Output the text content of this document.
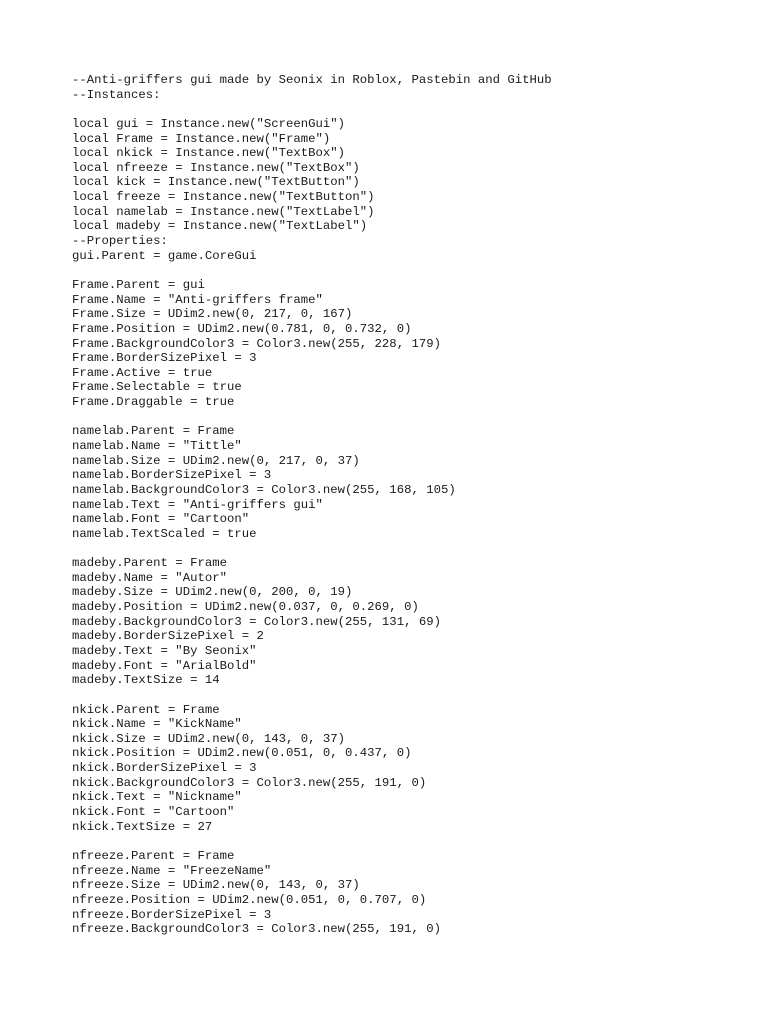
--Anti-griffers gui made by Seonix in Roblox, Pastebin and GitHub
--Instances:
local gui = Instance.new("ScreenGui")
local Frame = Instance.new("Frame")
local nkick = Instance.new("TextBox")
local nfreeze = Instance.new("TextBox")
local kick = Instance.new("TextButton")
local freeze = Instance.new("TextButton")
local namelab = Instance.new("TextLabel")
local madeby = Instance.new("TextLabel")
--Properties:
gui.Parent = game.CoreGui
Frame.Parent = gui
Frame.Name = "Anti-griffers frame"
Frame.Size = UDim2.new(0, 217, 0, 167)
Frame.Position = UDim2.new(0.781, 0, 0.732, 0)
Frame.BackgroundColor3 = Color3.new(255, 228, 179)
Frame.BorderSizePixel = 3
Frame.Active = true
Frame.Selectable = true
Frame.Draggable = true
namelab.Parent = Frame
namelab.Name = "Tittle"
namelab.Size = UDim2.new(0, 217, 0, 37)
namelab.BorderSizePixel = 3
namelab.BackgroundColor3 = Color3.new(255, 168, 105)
namelab.Text = "Anti-griffers gui"
namelab.Font = "Cartoon"
namelab.TextScaled = true
madeby.Parent = Frame
madeby.Name = "Autor"
madeby.Size = UDim2.new(0, 200, 0, 19)
madeby.Position = UDim2.new(0.037, 0, 0.269, 0)
madeby.BackgroundColor3 = Color3.new(255, 131, 69)
madeby.BorderSizePixel = 2
madeby.Text = "By Seonix"
madeby.Font = "ArialBold"
madeby.TextSize = 14
nkick.Parent = Frame
nkick.Name = "KickName"
nkick.Size = UDim2.new(0, 143, 0, 37)
nkick.Position = UDim2.new(0.051, 0, 0.437, 0)
nkick.BorderSizePixel = 3
nkick.BackgroundColor3 = Color3.new(255, 191, 0)
nkick.Text = "Nickname"
nkick.Font = "Cartoon"
nkick.TextSize = 27
nfreeze.Parent = Frame
nfreeze.Name = "FreezeName"
nfreeze.Size = UDim2.new(0, 143, 0, 37)
nfreeze.Position = UDim2.new(0.051, 0, 0.707, 0)
nfreeze.BorderSizePixel = 3
nfreeze.BackgroundColor3 = Color3.new(255, 191, 0)
